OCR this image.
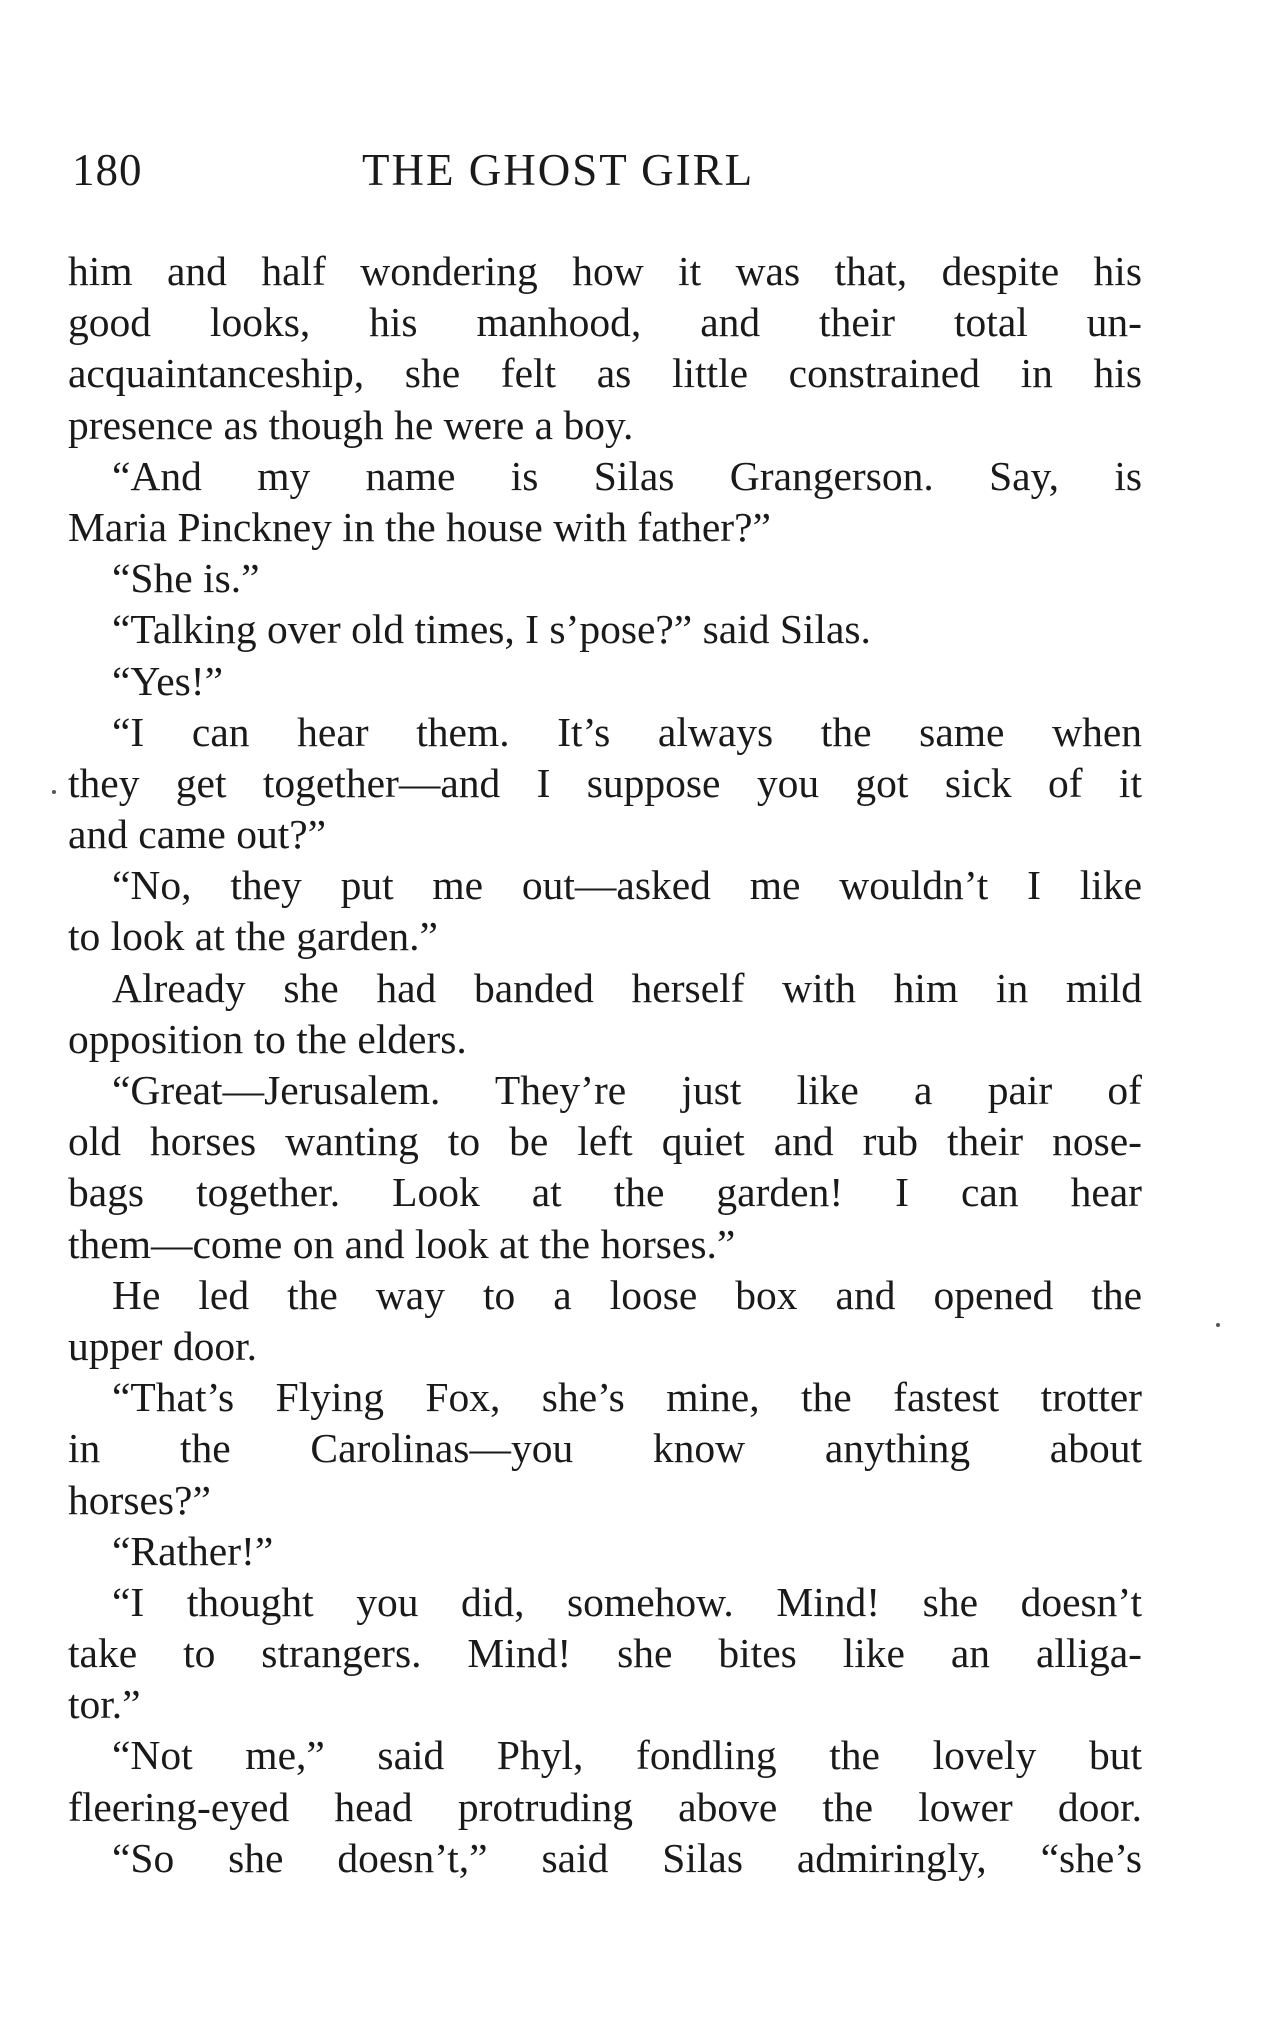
180	THE GHOST GIRL
him and half wondering how it was that, despite his
good looks, his manhood, and their total un-
acquaintanceship, she felt as little constrained in his
presence as though he were a boy.
“And my name is Silas Grangerson. Say, is
Maria Pinckney in the house with father?”
“She is.”
“Talking over old times, I s’pose?” said Silas.
“Yes!”
“I can hear them. It’s always the same when
they get together—and I suppose you got sick of it
and came out?”
“No, they put me out—asked me wouldn’t I like
to look at the garden.”
Already she had banded herself with him in mild
opposition to the elders.
“Great—Jerusalem. They’re just like a pair of
old horses wanting to be left quiet and rub their nose-
bags together. Look at the garden! I can hear
them—come on and look at the horses.”
He led the way to a loose box and opened the
upper door.
“That’s Flying Fox, she’s mine, the fastest trotter
in the Carolinas—you know anything about
horses?”
“Rather!”
“I thought you did, somehow. Mind! she doesn’t
take to strangers. Mind! she bites like an alliga-
tor.”
“Not me,” said Phyl, fondling the lovely but
fleering-eyed head protruding above the lower door.
“So she doesn’t,” said Silas admiringly, “she’s
